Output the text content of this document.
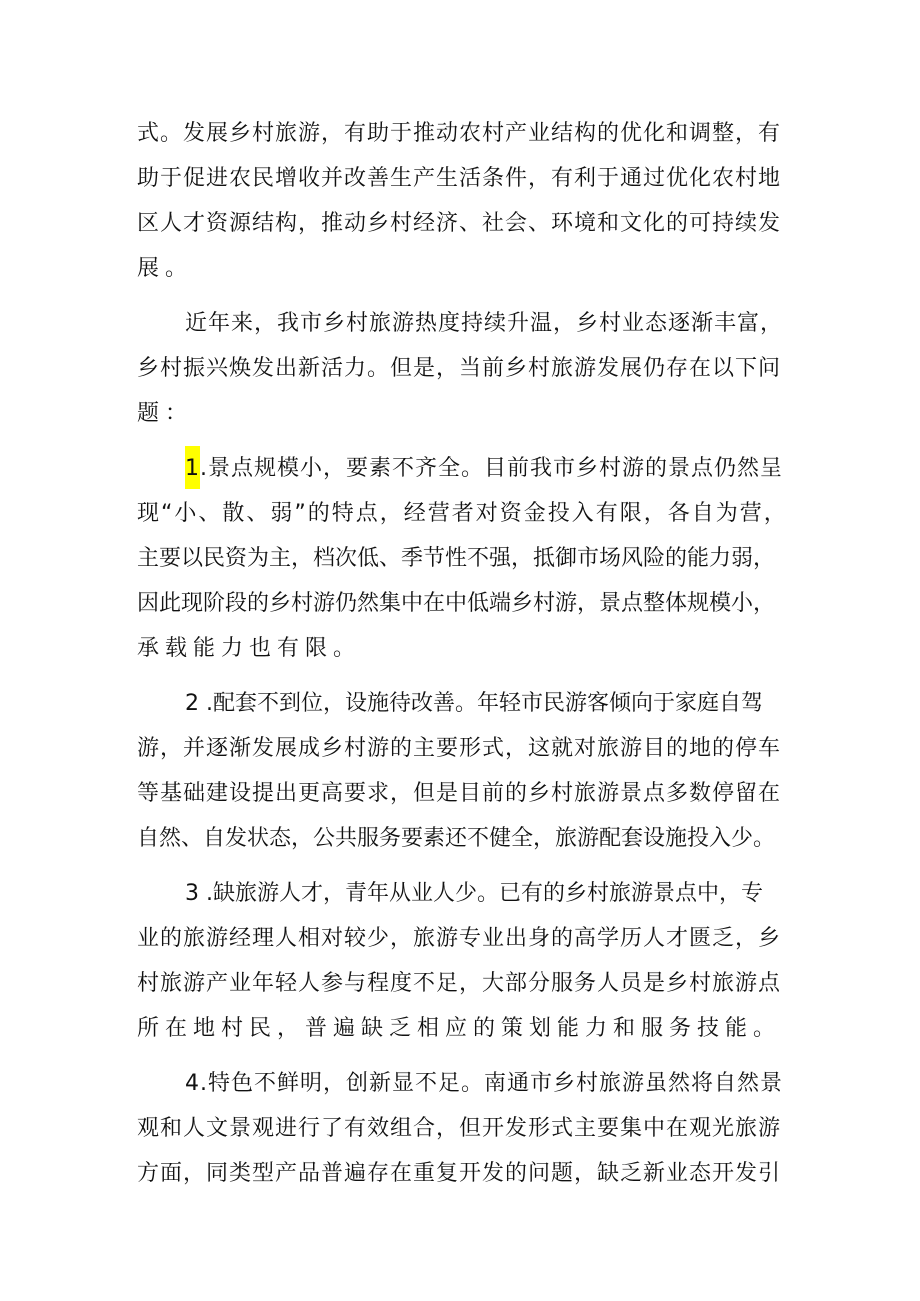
式。发展乡村旅游，有助于推动农村产业结构的优化和调整，有
助于促进农民增收并改善生产生活条件，有利于通过优化农村地
区人才资源结构，推动乡村经济、社会、环境和文化的可持续发
展。
近年来，我市乡村旅游热度持续升温，乡村业态逐渐丰富，
乡村振兴焕发出新活力。但是，当前乡村旅游发展仍存在以下问
题：
1.景点规模小，要素不齐全。目前我市乡村游的景点仍然呈
现“小、散、弱”的特点，经营者对资金投入有限，各自为营，
主要以民资为主，档次低、季节性不强，抵御市场风险的能力弱，
因此现阶段的乡村游仍然集中在中低端乡村游，景点整体规模小，
承载能力也有限。
2 .配套不到位，设施待改善。年轻市民游客倾向于家庭自驾
游，并逐渐发展成乡村游的主要形式，这就对旅游目的地的停车
等基础建设提出更高要求，但是目前的乡村旅游景点多数停留在
自然、自发状态，公共服务要素还不健全，旅游配套设施投入少。
3 .缺旅游人才，青年从业人少。已有的乡村旅游景点中，专
业的旅游经理人相对较少，旅游专业出身的高学历人才匮乏，乡
村旅游产业年轻人参与程度不足，大部分服务人员是乡村旅游点
所在地村民，普遍缺乏相应的策划能力和服务技能。
4.特色不鲜明，创新显不足。南通市乡村旅游虽然将自然景
观和人文景观进行了有效组合，但开发形式主要集中在观光旅游
方面，同类型产品普遍存在重复开发的问题，缺乏新业态开发引
